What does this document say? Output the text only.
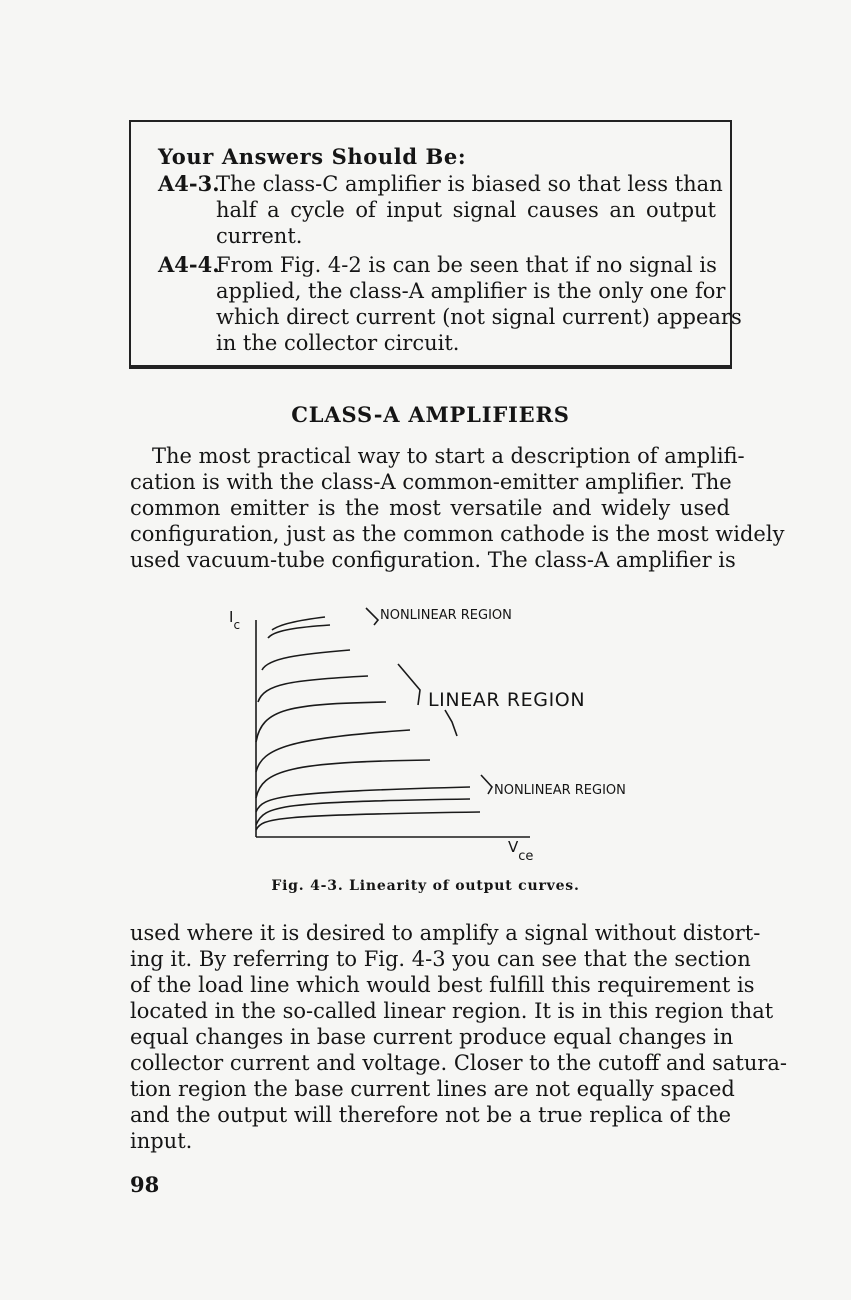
Your Answers Should Be:
A4-3.
The class-C amplifier is biased so that less than
half a cycle of input signal causes an output
current.
A4-4.
From Fig. 4-2 is can be seen that if no signal is
applied, the class-A amplifier is the only one for
which direct current (not signal current) appears
in the collector circuit.
CLASS-A AMPLIFIERS
The most practical way to start a description of amplifi-
cation is with the class-A common-emitter amplifier. The
common emitter is the most versatile and widely used
configuration, just as the common cathode is the most widely
used vacuum-tube configuration. The class-A amplifier is
$I_c$
Vce
NONLINEAR REGION
LINEAR REGION
NONLINEAR REGION
Fig. 4-3. Linearity of output curves.
used where it is desired to amplify a signal without distort-
ing it. By referring to Fig. 4-3 you can see that the section
of the load line which would best fulfill this requirement is
located in the so-called linear region. It is in this region that
equal changes in base current produce equal changes in
collector current and voltage. Closer to the cutoff and satura-
tion region the base current lines are not equally spaced
and the output will therefore not be a true replica of the
input.
98
